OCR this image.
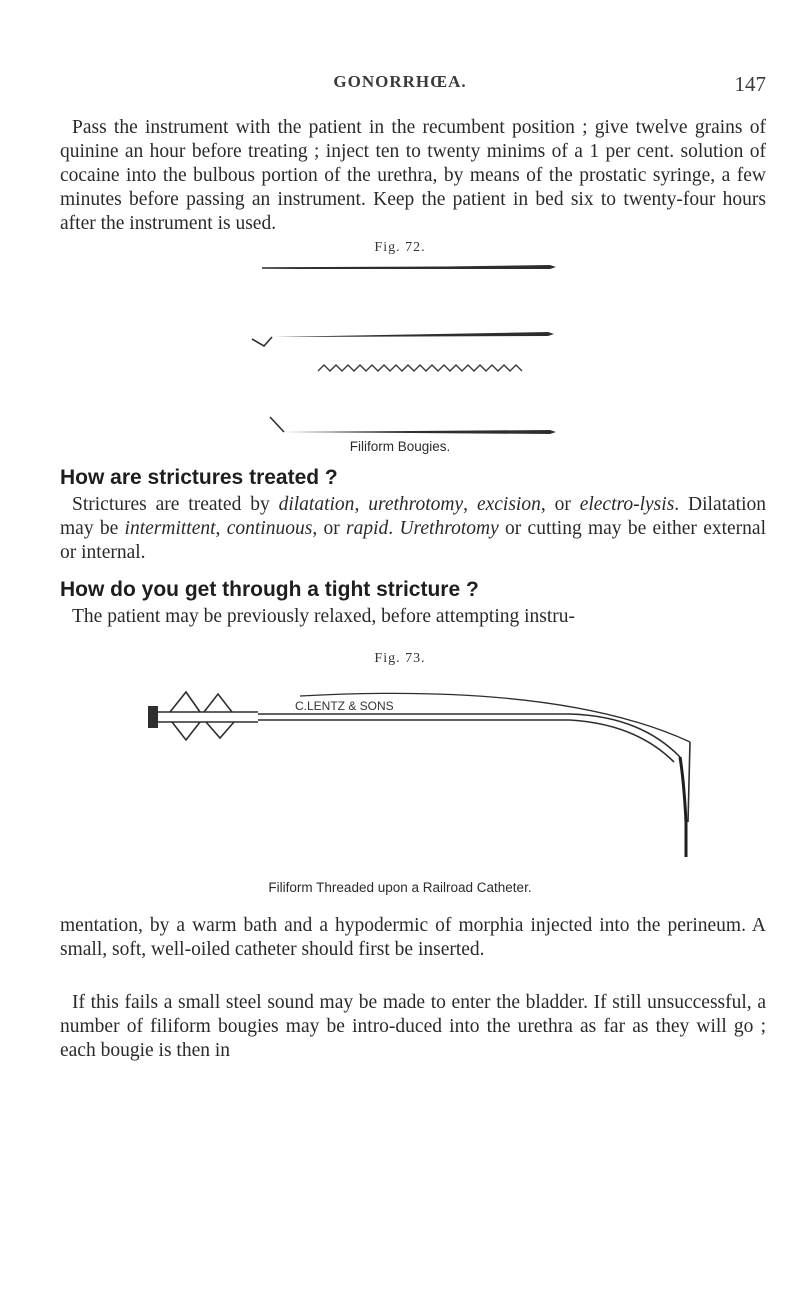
GONORRHŒA.	147

Pass the instrument with the patient in the recumbent position ; give twelve grains of quinine an hour before treating ; inject ten to twenty minims of a 1 per cent. solution of cocaine into the bulbous portion of the urethra, by means of the prostatic syringe, a few minutes before passing an instrument. Keep the patient in bed six to twenty-four hours after the instrument is used.

Fig. 72.
Filiform Bougies.
How are strictures treated ?

Strictures are treated by dilatation, urethrotomy, excision, or electro-lysis. Dilatation may be intermittent, continuous, or rapid. Urethrotomy or cutting may be either external or internal.

How do you get through a tight stricture ?

The patient may be previously relaxed, before attempting instru-

Fig. 73.
C.LENTZ & SONS
Filiform Threaded upon a Railroad Catheter.

mentation, by a warm bath and a hypodermic of morphia injected into the perineum. A small, soft, well-oiled catheter should first be inserted.

If this fails a small steel sound may be made to enter the bladder. If still unsuccessful, a number of filiform bougies may be intro-duced into the urethra as far as they will go ; each bougie is then in
